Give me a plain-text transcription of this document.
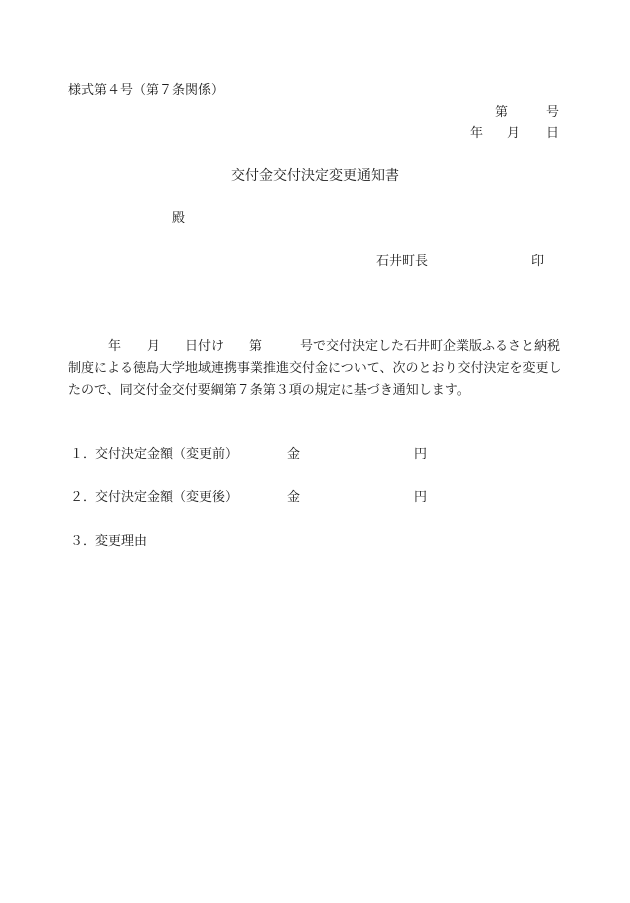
様式第４号（第７条関係）
第	号
年 月 日
交付金交付決定変更通知書
殿
石井町長	印
年 月 日付け 第	号で交付決定した石井町企業版ふるさと納税
制度による徳島大学地域連携事業推進交付金について、次のとおり交付決定を変更し
たので、同交付金交付要綱第７条第３項の規定に基づき通知します。
１．
交付決定金額（変更前）	金	円
２．
交付決定金額（変更後）	金	円
３．
変更理由
